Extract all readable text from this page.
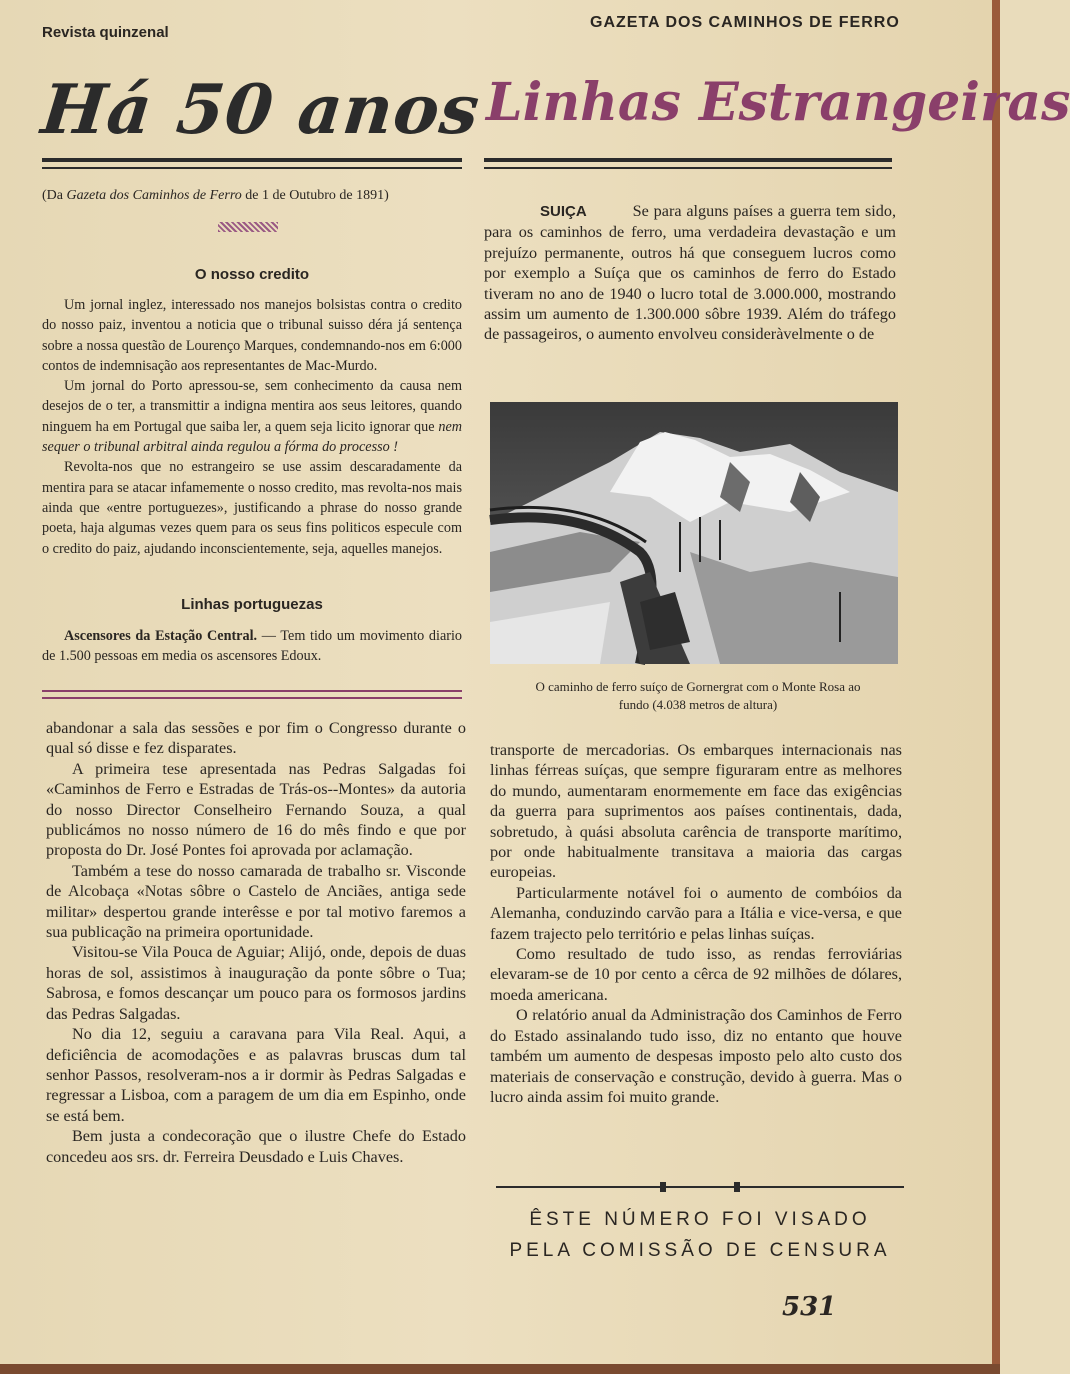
Revista quinzenal
GAZETA DOS CAMINHOS DE FERRO
Há 50 anos Linhas Estrangeiras
(Da Gazeta dos Caminhos de Ferro de 1 de Outubro de 1891)
O nosso credito

Um jornal inglez, interessado nos manejos bolsistas contra o credito do nosso paiz, inventou a noticia que o tribunal suisso déra já sentença sobre a nossa questão de Lourenço Marques, condemnando-nos em 6:000 contos de indemnisação aos representantes de Mac-Murdo.

Um jornal do Porto apressou-se, sem conhecimento da causa nem desejos de o ter, a transmittir a indigna mentira aos seus leitores, quando ninguem ha em Portugal que saiba ler, a quem seja licito ignorar que nem sequer o tribunal arbitral ainda regulou a fórma do processo !

Revolta-nos que no estrangeiro se use assim descaradamente da mentira para se atacar infamemente o nosso credito, mas revolta-nos mais ainda que «entre portuguezes», justificando a phrase do nosso grande poeta, haja algumas vezes quem para os seus fins politicos especule com o credito do paiz, ajudando inconscientemente, seja, aquelles manejos.

Linhas portuguezas

Ascensores da Estação Central. — Tem tido um movimento diario de 1.500 pessoas em media os ascensores Edoux.

abandonar a sala das sessões e por fim o Congresso durante o qual só disse e fez disparates.

A primeira tese apresentada nas Pedras Salgadas foi «Caminhos de Ferro e Estradas de Trás-os--Montes» da autoria do nosso Director Conselheiro Fernando Souza, a qual publicámos no nosso número de 16 do mês findo e que por proposta do Dr. José Pontes foi aprovada por aclamação.

Também a tese do nosso camarada de trabalho sr. Visconde de Alcobaça «Notas sôbre o Castelo de Anciães, antiga sede militar» despertou grande interêsse e por tal motivo faremos a sua publicação na primeira oportunidade.

Visitou-se Vila Pouca de Aguiar; Alijó, onde, depois de duas horas de sol, assistimos à inauguração da ponte sôbre o Tua; Sabrosa, e fomos descançar um pouco para os formosos jardins das Pedras Salgadas.

No dia 12, seguiu a caravana para Vila Real. Aqui, a deficiência de acomodações e as palavras bruscas dum tal senhor Passos, resolveram-nos a ir dormir às Pedras Salgadas e regressar a Lisboa, com a paragem de um dia em Espinho, onde se está bem.

Bem justa a condecoração que o ilustre Chefe do Estado concedeu aos srs. dr. Ferreira Deusdado e Luis Chaves.

SUIÇA	Se para alguns países a guerra tem sido, para os caminhos de ferro, uma verdadeira devastação e um prejuízo permanente, outros há que conseguem lucros como por exemplo a Suíça que os caminhos de ferro do Estado tiveram no ano de 1940 o lucro total de 3.000.000, mostrando assim um aumento de 1.300.000 sôbre 1939. Além do tráfego de passageiros, o aumento envolveu consideràvelmente o de

O caminho de ferro suíço de Gornergrat com o Monte Rosa ao fundo (4.038 metros de altura)

transporte de mercadorias. Os embarques internacionais nas linhas férreas suíças, que sempre figuraram entre as melhores do mundo, aumentaram enormemente em face das exigências da guerra para suprimentos aos países continentais, dada, sobretudo, à quási absoluta carência de transporte marítimo, por onde habitualmente transitava a maioria das cargas europeias.

Particularmente notável foi o aumento de combóios da Alemanha, conduzindo carvão para a Itália e vice-versa, e que fazem trajecto pelo território e pelas linhas suíças.

Como resultado de tudo isso, as rendas ferroviárias elevaram-se de 10 por cento a cêrca de 92 milhões de dólares, moeda americana.

O relatório anual da Administração dos Caminhos de Ferro do Estado assinalando tudo isso, diz no entanto que houve também um aumento de despesas imposto pelo alto custo dos materiais de conservação e construção, devido à guerra. Mas o lucro ainda assim foi muito grande.

ÊSTE NÚMERO FOI VISADO
PELA COMISSÃO DE CENSURA
531
